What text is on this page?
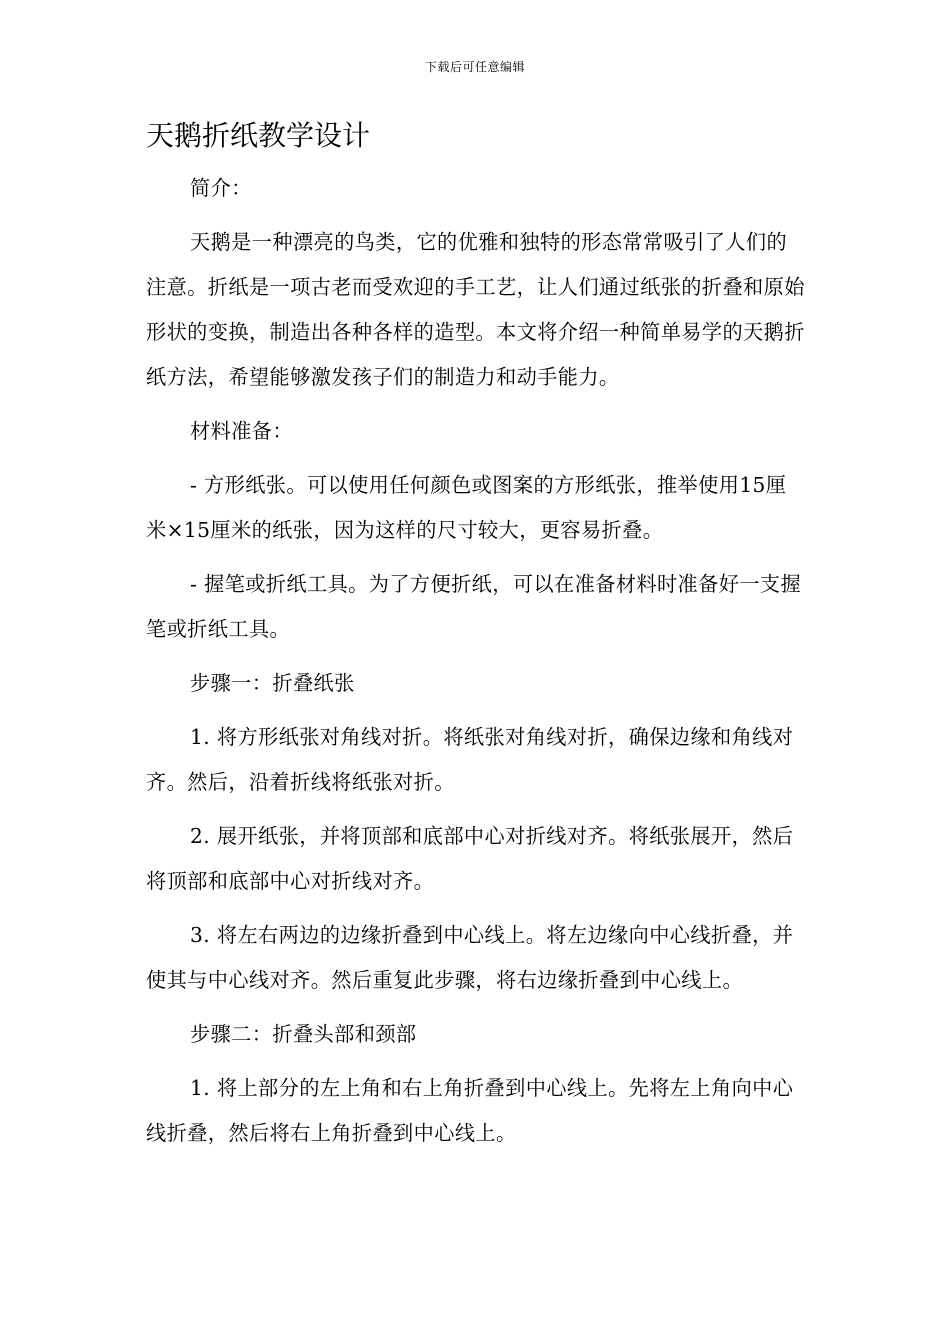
下载后可任意编辑
天鹅折纸教学设计

简介：

天鹅是一种漂亮的鸟类，它的优雅和独特的形态常常吸引了人们的注意。折纸是一项古老而受欢迎的手工艺，让人们通过纸张的折叠和原始形状的变换，制造出各种各样的造型。本文将介绍一种简单易学的天鹅折纸方法，希望能够激发孩子们的制造力和动手能力。

材料准备：

- 方形纸张。可以使用任何颜色或图案的方形纸张，推举使用15厘米×15厘米的纸张，因为这样的尺寸较大，更容易折叠。

- 握笔或折纸工具。为了方便折纸，可以在准备材料时准备好一支握笔或折纸工具。

步骤一：折叠纸张

1. 将方形纸张对角线对折。将纸张对角线对折，确保边缘和角线对齐。然后，沿着折线将纸张对折。

2. 展开纸张，并将顶部和底部中心对折线对齐。将纸张展开，然后将顶部和底部中心对折线对齐。

3. 将左右两边的边缘折叠到中心线上。将左边缘向中心线折叠，并使其与中心线对齐。然后重复此步骤，将右边缘折叠到中心线上。

步骤二：折叠头部和颈部

1. 将上部分的左上角和右上角折叠到中心线上。先将左上角向中心线折叠，然后将右上角折叠到中心线上。
